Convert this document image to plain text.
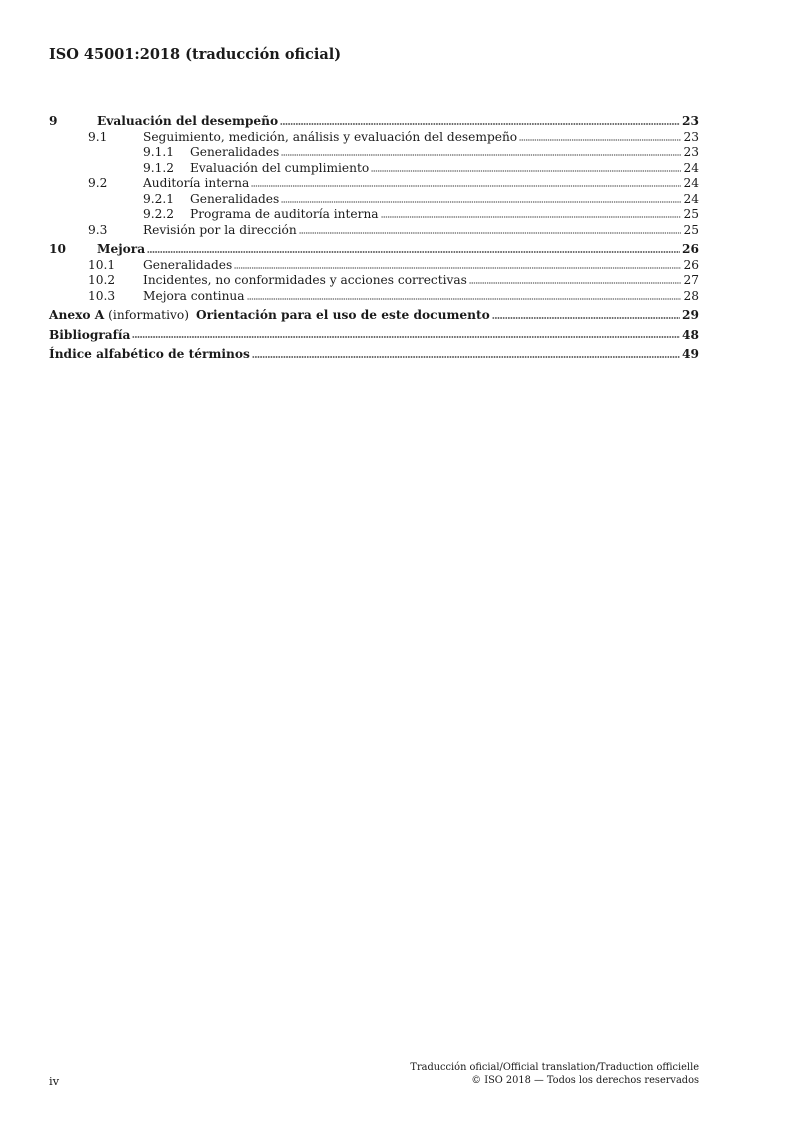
ISO 45001:2018 (traducción oficial)
9	Evaluación del desempeño	23
9.1	Seguimiento, medición, análisis y evaluación del desempeño	23
9.1.1	Generalidades	23
9.1.2	Evaluación del cumplimiento	24
9.2	Auditoría interna	24
9.2.1	Generalidades	24
9.2.2	Programa de auditoría interna	25
9.3	Revisión por la dirección	25
10	Mejora	26
10.1	Generalidades	26
10.2	Incidentes, no conformidades y acciones correctivas	27
10.3	Mejora continua	28
Anexo A (informativo) Orientación para el uso de este documento	29
Bibliografía	48
Índice alfabético de términos	49
iv
Traducción oficial/Official translation/Traduction officielle
© ISO 2018 — Todos los derechos reservados
